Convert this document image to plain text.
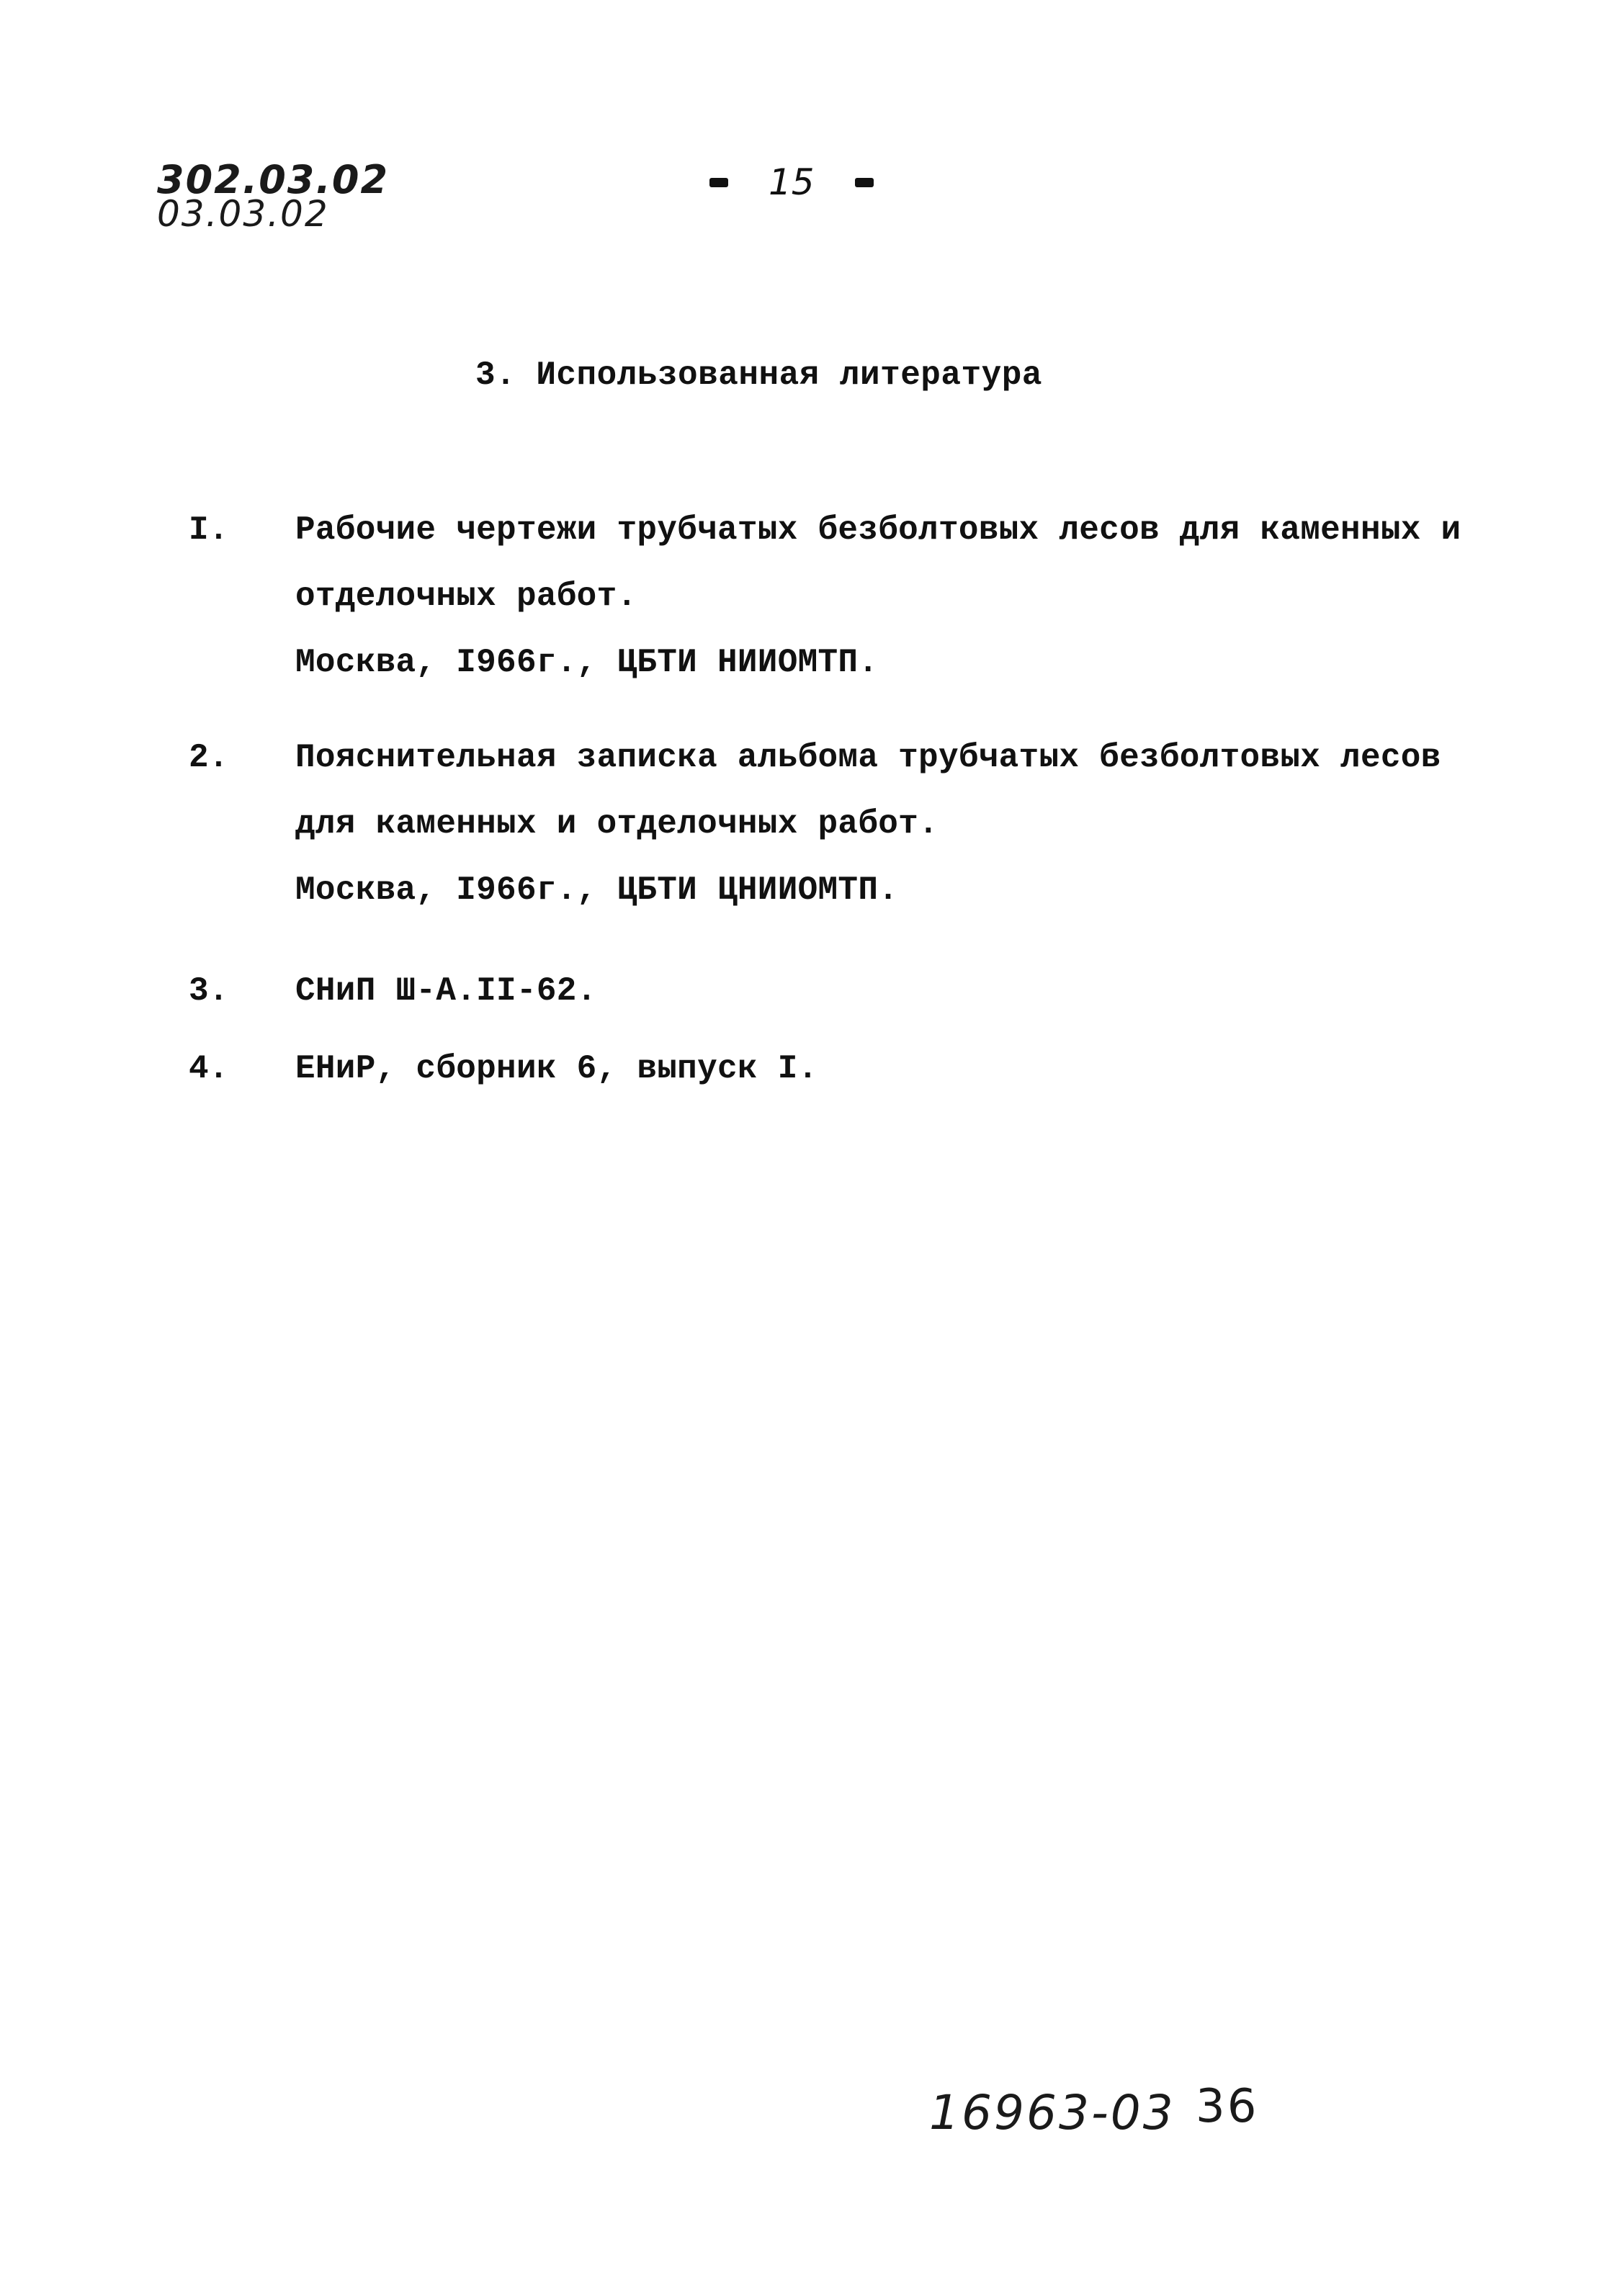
302.03.02
03.03.02
15
3. Использованная литература
I.	Рабочие чертежи трубчатых безболтовых лесов для каменных и
отделочных работ.
Москва, I966г., ЦБТИ НИИОМТП.
2.	Пояснительная записка альбома трубчатых безболтовых лесов
для каменных и отделочных работ.
Москва, I966г., ЦБТИ ЦНИИОМТП.
3.	СНиП Ш-А.II-62.
4.	ЕНиР, сборник 6, выпуск I.
16963-03 36
